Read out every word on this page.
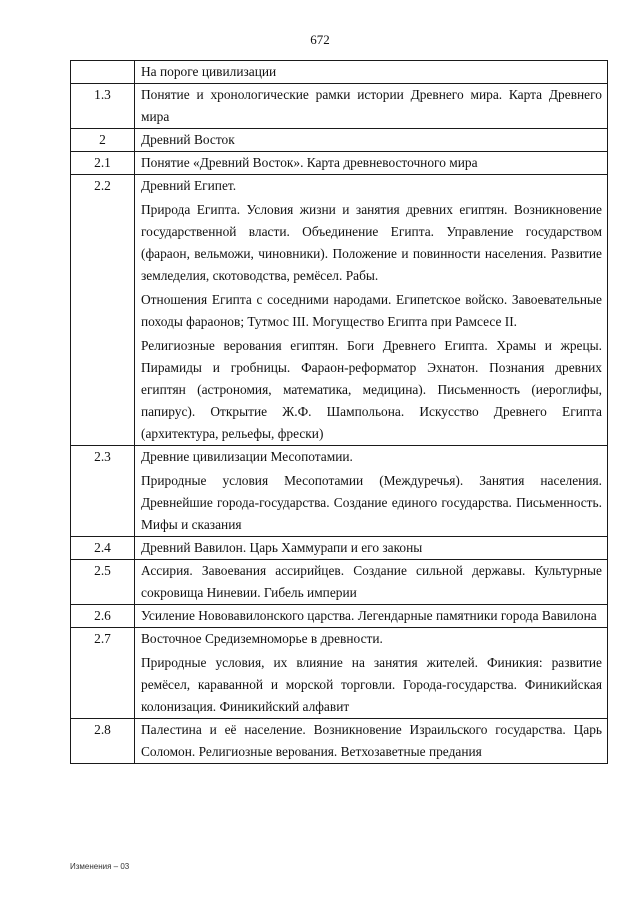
672

	На пороге цивилизации

1.3	Понятие и хронологические рамки истории Древнего мира. Карта Древнего мира

2	Древний Восток

2.1	Понятие «Древний Восток». Карта древневосточного мира

2.2	Древний Египет.
Природа Египта. Условия жизни и занятия древних египтян. Возникновение государственной власти. Объединение Египта. Управление государством (фараон, вельможи, чиновники). Положение и повинности населения. Развитие земледелия, скотоводства, ремёсел. Рабы.
Отношения Египта с соседними народами. Египетское войско. Завоевательные походы фараонов; Тутмос III. Могущество Египта при Рамсесе II.
Религиозные верования египтян. Боги Древнего Египта. Храмы и жрецы. Пирамиды и гробницы. Фараон-реформатор Эхнатон. Познания древних египтян (астрономия, математика, медицина). Письменность (иероглифы, папирус). Открытие Ж.Ф. Шампольона. Искусство Древнего Египта (архитектура, рельефы, фрески)

2.3	Древние цивилизации Месопотамии.
Природные условия Месопотамии (Междуречья). Занятия населения. Древнейшие города-государства. Создание единого государства. Письменность. Мифы и сказания

2.4	Древний Вавилон. Царь Хаммурапи и его законы

2.5	Ассирия. Завоевания ассирийцев. Создание сильной державы. Культурные сокровища Ниневии. Гибель империи

2.6	Усиление Нововавилонского царства. Легендарные памятники города Вавилона

2.7	Восточное Средиземноморье в древности.
Природные условия, их влияние на занятия жителей. Финикия: развитие ремёсел, караванной и морской торговли. Города-государства. Финикийская колонизация. Финикийский алфавит

2.8	Палестина и её население. Возникновение Израильского государства. Царь Соломон. Религиозные верования. Ветхозаветные предания
Изменения – 03
